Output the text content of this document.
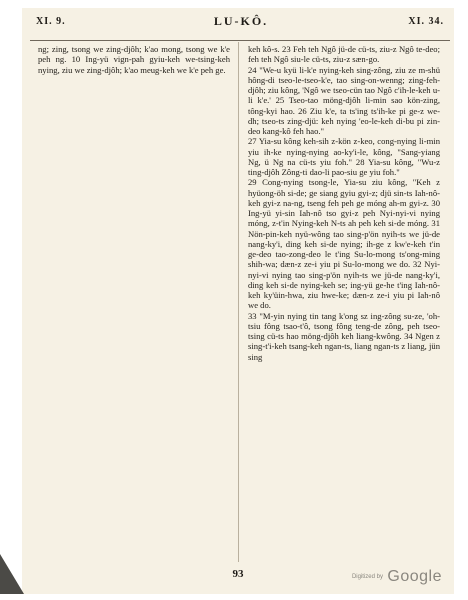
XI. 9.	LU-KÔ.	XI. 34.

ng; zing, tsong we zing-djôh; k'ao mong, tsong we k'e peh ng. 10 Ing-yü vign-pah gyiu-keh we-tsing-keh nying, ziu we zing-djôh; k'ao meug-keh we k'e peh ge.

keh kô-s. 23 Feh teh Ngô jü-de cü-ts, ziu-z Ngô te-deo; feh teh Ngô siu-le cü-ts, ziu-z sæn-go.

24 "We-u kyü li-k'e nying-keh sing-zông, ziu ze m-shü hông-di tseo-le-tseo-k'e, tao sing-on-wenng; zing-feh-djôh; ziu kông, 'Ngô we tseo-cün tao Ngô c'ih-le-keh u-li k'e.' 25 Tseo-tao möng-djôh li-min sao kön-zing, tông-kyi hao. 26 Ziu k'e, ta ts'ing ts'ih-ke pi ge-z we-dh; tseo-ts zing-djü: keh nying 'eo-le-keh di-bu pi zin-deo kang-kô feh hao."

27 Yia-su kông keh-sih z-kön z-keo, cong-nying li-min yiu ih-ke nying-nying ao-ky'i-le, kông, "Sang-yiang Ng, ü Ng na cü-ts yiu foh." 28 Yia-su kông, "Wu-z ting-djôh Zông-ti dao-li pao-siu ge yiu foh."

29 Cong-nying tsong-le, Yia-su ziu kông, "Keh z hyüong-öh si-de; ge siang gyiu gyi-z; djü sin-ts Iah-nô-keh gyi-z na-ng, tseng feh peh ge móng ah-m gyi-z. 30 Ing-yü yi-sin Iah-nô tso gyi-z peh Nyi-nyi-vi nying móng, z-t'in Nying-keh N-ts ah peh keh si-de móng. 31 Nön-pin-keh nyü-wông tao sing-p'ön nyih-ts we jü-de nang-ky'i, ding keh si-de nying; ih-ge z kw'e-keh t'in ge-deo tao-zong-deo le t'ing Su-lo-mong ts'ong-ming shih-wa; dæn-z ze-i yiu pi Su-lo-mong we do. 32 Nyi-nyi-vi nying tao sing-p'ön nyih-ts we jü-de nang-ky'i, ding keh si-de nying-keh se; ing-yü ge-he t'ing Iah-nô-keh ky'üin-hwa, ziu hwe-ke; dæn-z ze-i yiu pi Iah-nô we do.

33 "M-yin nying tin tang k'ong sz ing-zông su-ze, 'oh-tsiu fông tsao-t'ô, tsong fông teng-de zông, peh tseo-tsing cü-ts hao möng-djôh keh liang-kwông. 34 Ngen z sing-t'i-keh tsang-keh ngan-ts, liang ngan-ts z liang, jün sing

93	Digitized by Google
